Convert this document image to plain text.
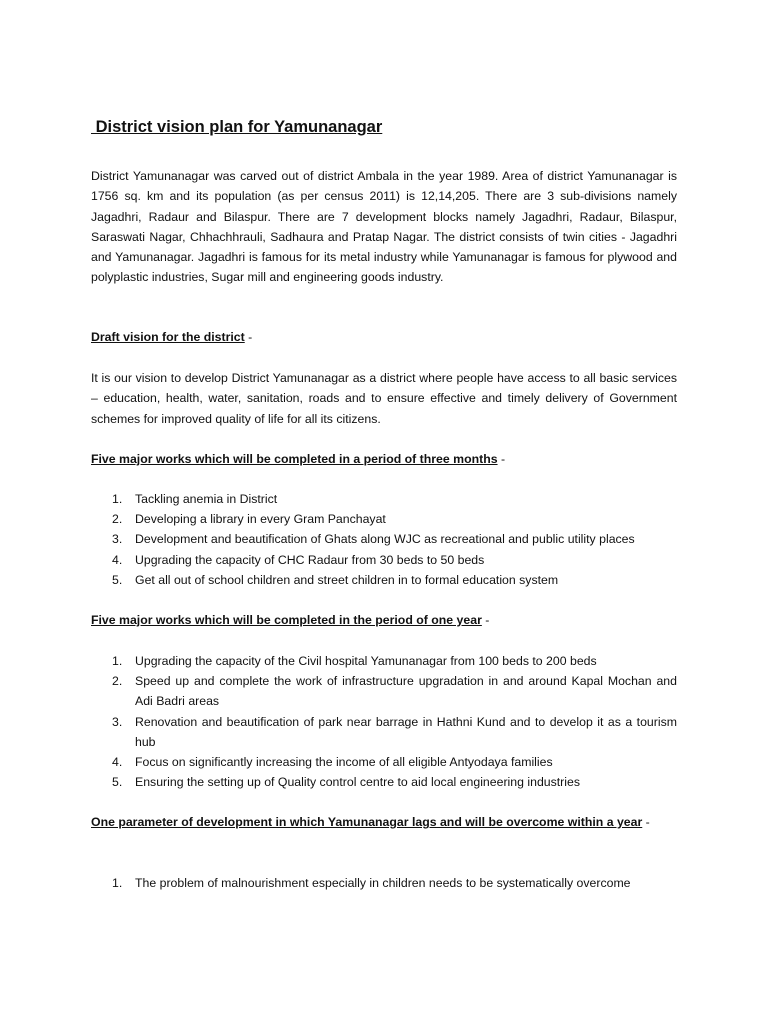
District vision plan for Yamunanagar

District Yamunanagar was carved out of district Ambala in the year 1989. Area of district Yamunanagar is 1756 sq. km and its population (as per census 2011) is 12,14,205. There are 3 sub-divisions namely Jagadhri, Radaur and Bilaspur. There are 7 development blocks namely Jagadhri, Radaur, Bilaspur, Saraswati Nagar, Chhachhrauli, Sadhaura and Pratap Nagar. The district consists of twin cities - Jagadhri and Yamunanagar. Jagadhri is famous for its metal industry while Yamunanagar is famous for plywood and polyplastic industries, Sugar mill and engineering goods industry.

Draft vision for the district -

It is our vision to develop District Yamunanagar as a district where people have access to all basic services – education, health, water, sanitation, roads and to ensure effective and timely delivery of Government schemes for improved quality of life for all its citizens.

Five major works which will be completed in a period of three months -

1. Tackling anemia in District
2. Developing a library in every Gram Panchayat
3. Development and beautification of Ghats along WJC as recreational and public utility places
4. Upgrading the capacity of CHC Radaur from 30 beds to 50 beds
5. Get all out of school children and street children in to formal education system

Five major works which will be completed in the period of one year -

1. Upgrading the capacity of the Civil hospital Yamunanagar from 100 beds to 200 beds
2. Speed up and complete the work of infrastructure upgradation in and around Kapal Mochan and Adi Badri areas
3. Renovation and beautification of park near barrage in Hathni Kund and to develop it as a tourism hub
4. Focus on significantly increasing the income of all eligible Antyodaya families
5. Ensuring the setting up of Quality control centre to aid local engineering industries

One parameter of development in which Yamunanagar lags and will be overcome within a year -

1. The problem of malnourishment especially in children needs to be systematically overcome
